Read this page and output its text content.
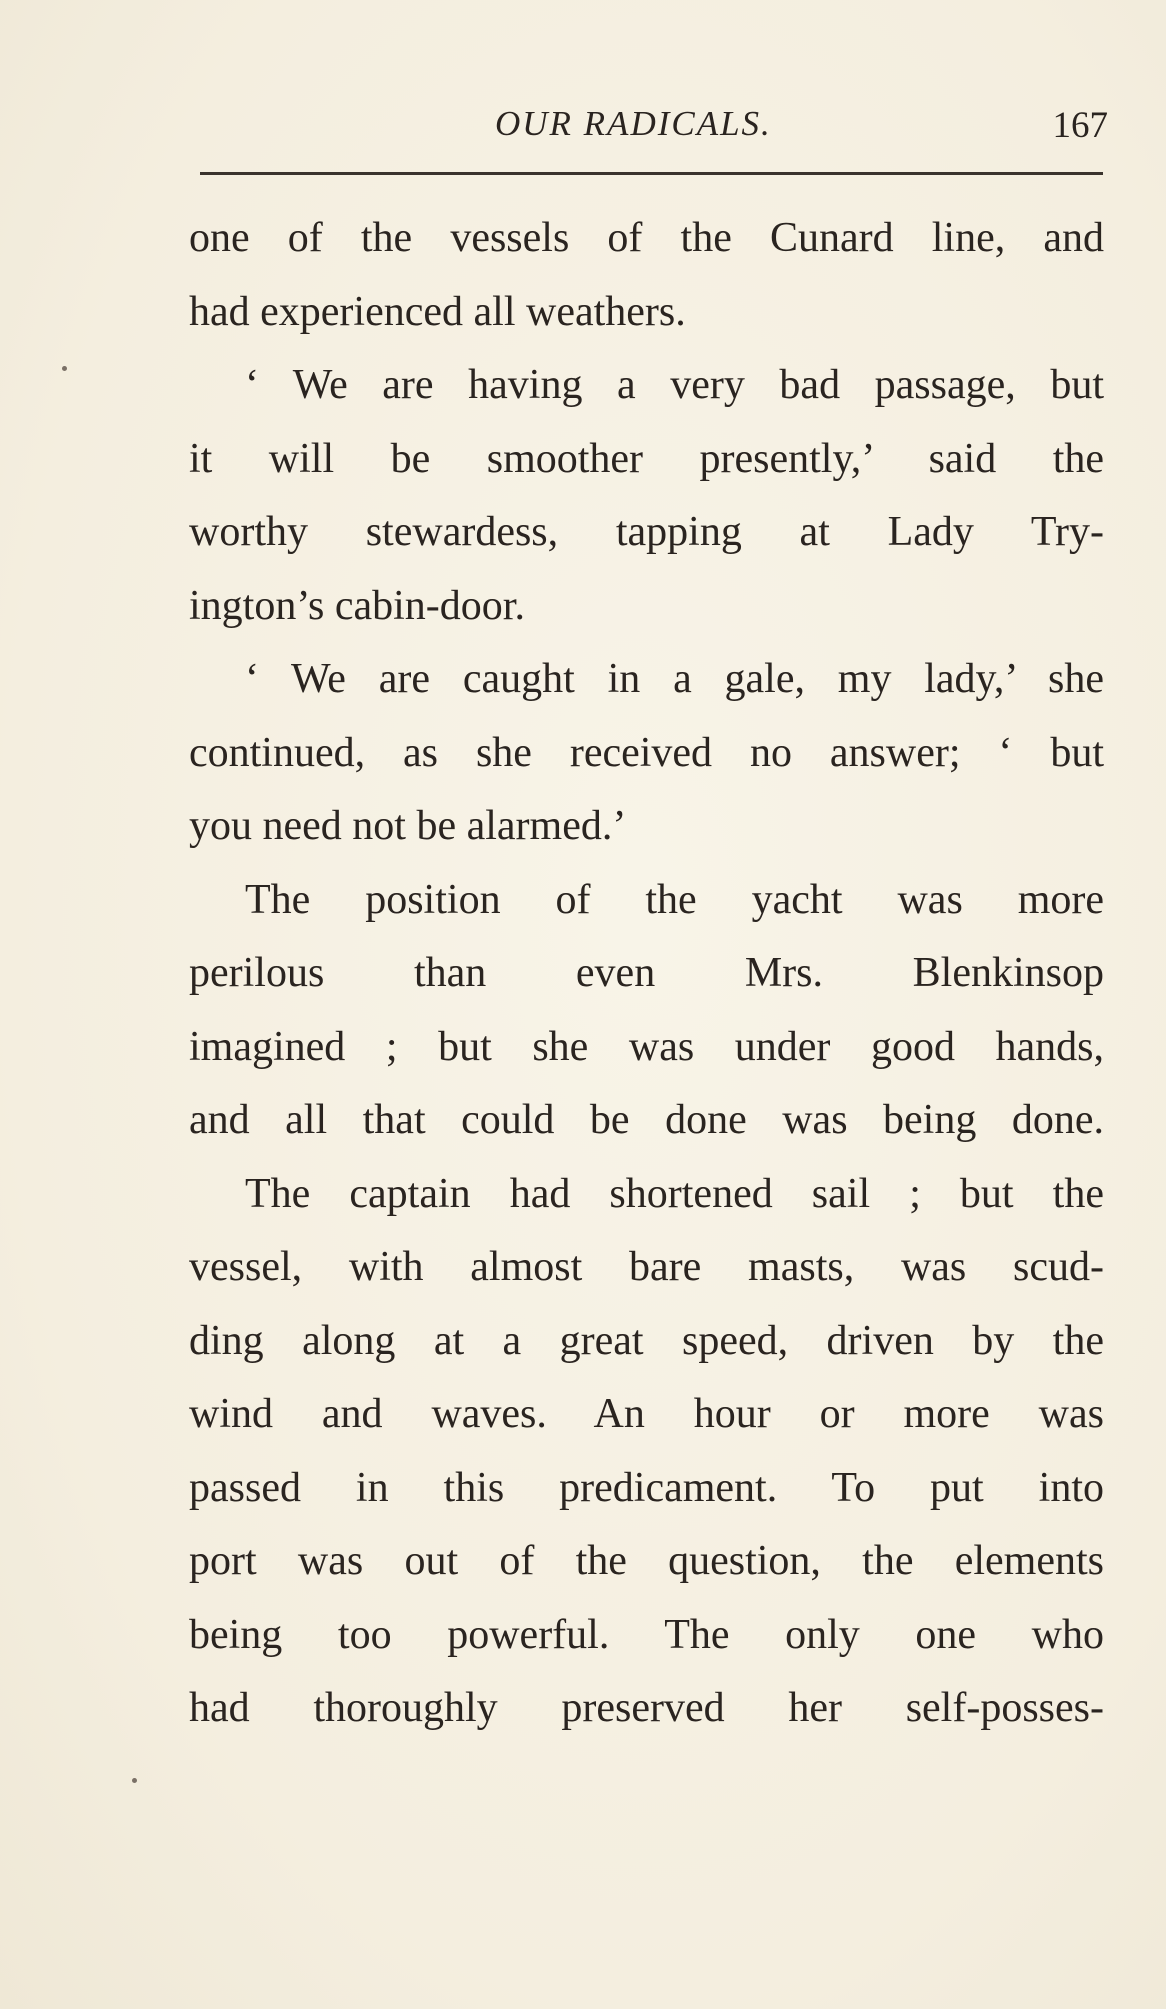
OUR RADICALS.	167
one of the vessels of the Cunard line, and
had experienced all weathers.
‘ We are having a very bad passage, but
it will be smoother presently,’ said the
worthy stewardess, tapping at Lady Try-
ington’s cabin-door.
‘ We are caught in a gale, my lady,’ she
continued, as she received no answer; ‘ but
you need not be alarmed.’
The position of the yacht was more
perilous than even Mrs. Blenkinsop
imagined ; but she was under good hands,
and all that could be done was being done.
The captain had shortened sail ; but the
vessel, with almost bare masts, was scud-
ding along at a great speed, driven by the
wind and waves. An hour or more was
passed in this predicament. To put into
port was out of the question, the elements
being too powerful. The only one who
had thoroughly preserved her self-posses-
